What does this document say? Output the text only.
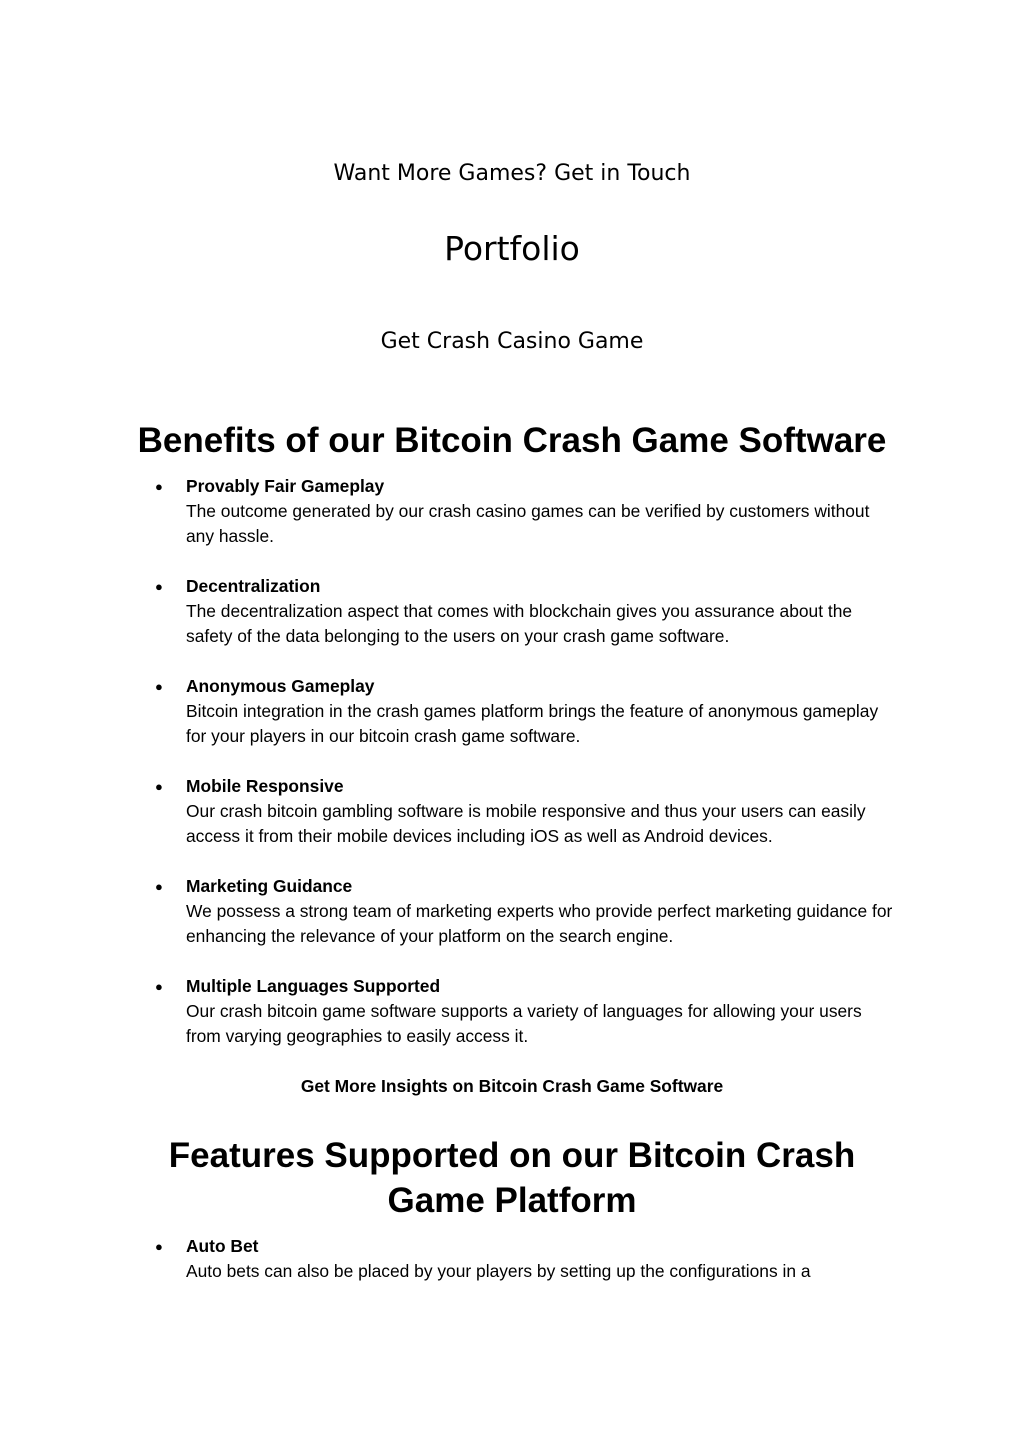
Want More Games? Get in Touch
Portfolio
Get Crash Casino Game
Benefits of our Bitcoin Crash Game Software
● Provably Fair Gameplay
The outcome generated by our crash casino games can be verified by customers without any hassle.
● Decentralization
The decentralization aspect that comes with blockchain gives you assurance about the safety of the data belonging to the users on your crash game software.
● Anonymous Gameplay
Bitcoin integration in the crash games platform brings the feature of anonymous gameplay for your players in our bitcoin crash game software.
● Mobile Responsive
Our crash bitcoin gambling software is mobile responsive and thus your users can easily access it from their mobile devices including iOS as well as Android devices.
● Marketing Guidance
We possess a strong team of marketing experts who provide perfect marketing guidance for enhancing the relevance of your platform on the search engine.
● Multiple Languages Supported
Our crash bitcoin game software supports a variety of languages for allowing your users from varying geographies to easily access it.
Get More Insights on Bitcoin Crash Game Software
Features Supported on our Bitcoin Crash Game Platform
● Auto Bet
Auto bets can also be placed by your players by setting up the configurations in a
